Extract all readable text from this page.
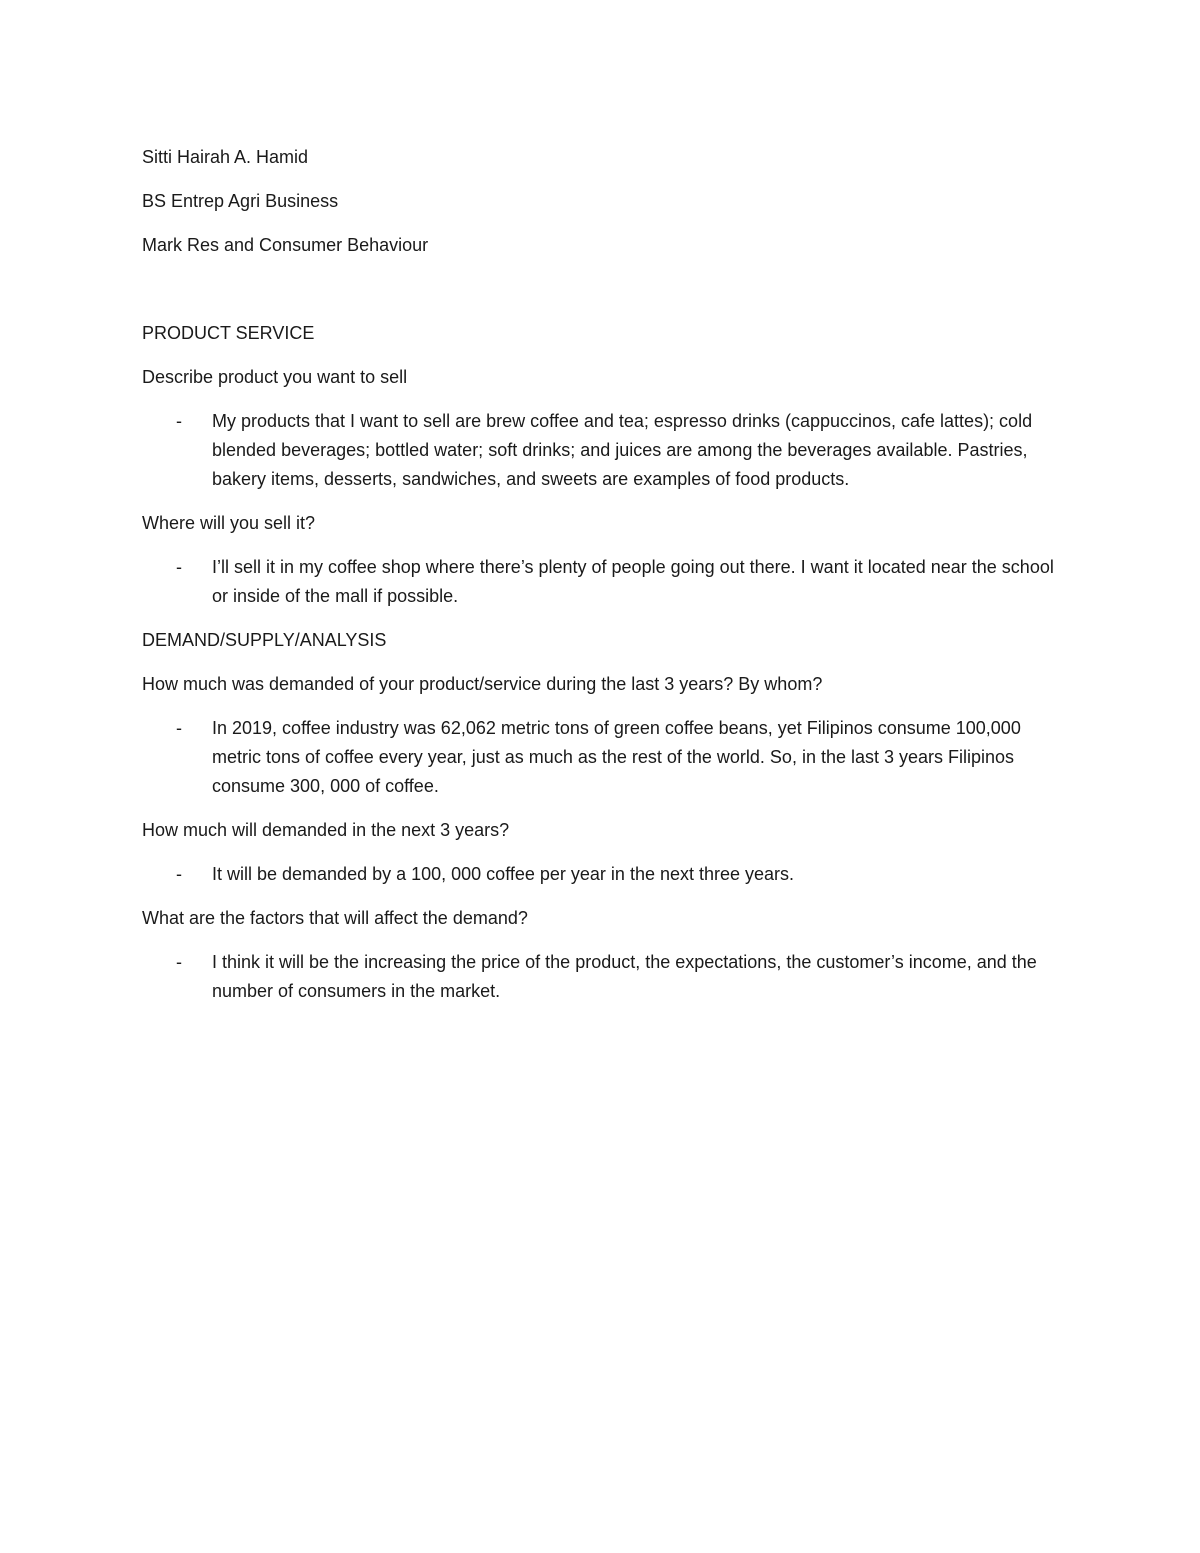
Sitti Hairah A. Hamid

BS Entrep Agri Business

Mark Res and Consumer Behaviour

PRODUCT SERVICE

Describe product you want to sell

- My products that I want to sell are brew coffee and tea; espresso drinks (cappuccinos, cafe lattes); cold blended beverages; bottled water; soft drinks; and juices are among the beverages available. Pastries, bakery items, desserts, sandwiches, and sweets are examples of food products.

Where will you sell it?

- I’ll sell it in my coffee shop where there’s plenty of people going out there. I want it located near the school or inside of the mall if possible.

DEMAND/SUPPLY/ANALYSIS

How much was demanded of your product/service during the last 3 years? By whom?

- In 2019, coffee industry was 62,062 metric tons of green coffee beans, yet Filipinos consume 100,000 metric tons of coffee every year, just as much as the rest of the world. So, in the last 3 years Filipinos consume 300, 000 of coffee.

How much will demanded in the next 3 years?

- It will be demanded by a 100, 000 coffee per year in the next three years.

What are the factors that will affect the demand?

- I think it will be the increasing the price of the product, the expectations, the customer’s income, and the number of consumers in the market.
